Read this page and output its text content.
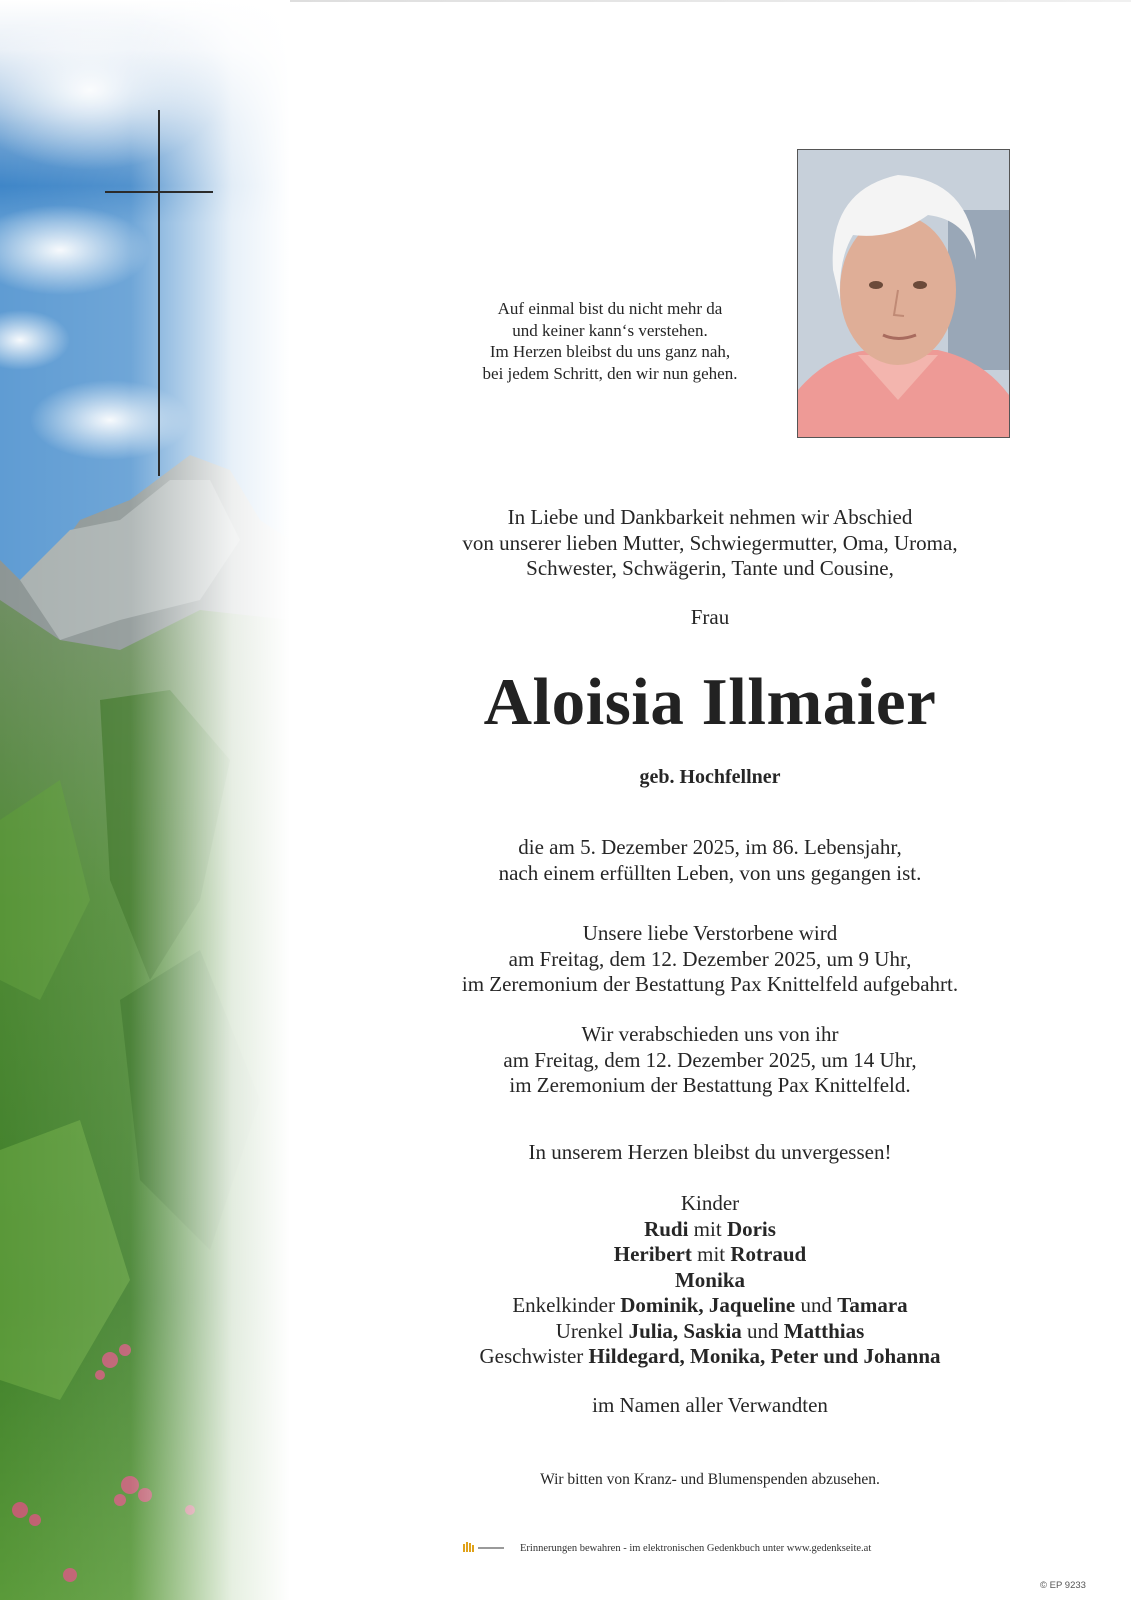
Auf einmal bist du nicht mehr da
und keiner kann‘s verstehen.
Im Herzen bleibst du uns ganz nah,
bei jedem Schritt, den wir nun gehen.
In Liebe und Dankbarkeit nehmen wir Abschied
von unserer lieben Mutter, Schwiegermutter, Oma, Uroma,
Schwester, Schwägerin, Tante und Cousine,
Frau
Aloisia Illmaier
geb. Hochfellner
die am 5. Dezember 2025, im 86. Lebensjahr,
nach einem erfüllten Leben, von uns gegangen ist.
Unsere liebe Verstorbene wird
am Freitag, dem 12. Dezember 2025, um 9 Uhr,
im Zeremonium der Bestattung Pax Knittelfeld aufgebahrt.
Wir verabschieden uns von ihr
am Freitag, dem 12. Dezember 2025, um 14 Uhr,
im Zeremonium der Bestattung Pax Knittelfeld.
In unserem Herzen bleibst du unvergessen!
Kinder
Rudi mit Doris
Heribert mit Rotraud
Monika
Enkelkinder Dominik, Jaqueline und Tamara
Urenkel Julia, Saskia und Matthias
Geschwister Hildegard, Monika, Peter und Johanna
im Namen aller Verwandten
Wir bitten von Kranz- und Blumenspenden abzusehen.
Erinnerungen bewahren - im elektronischen Gedenkbuch unter www.gedenkseite.at
© EP 9233
